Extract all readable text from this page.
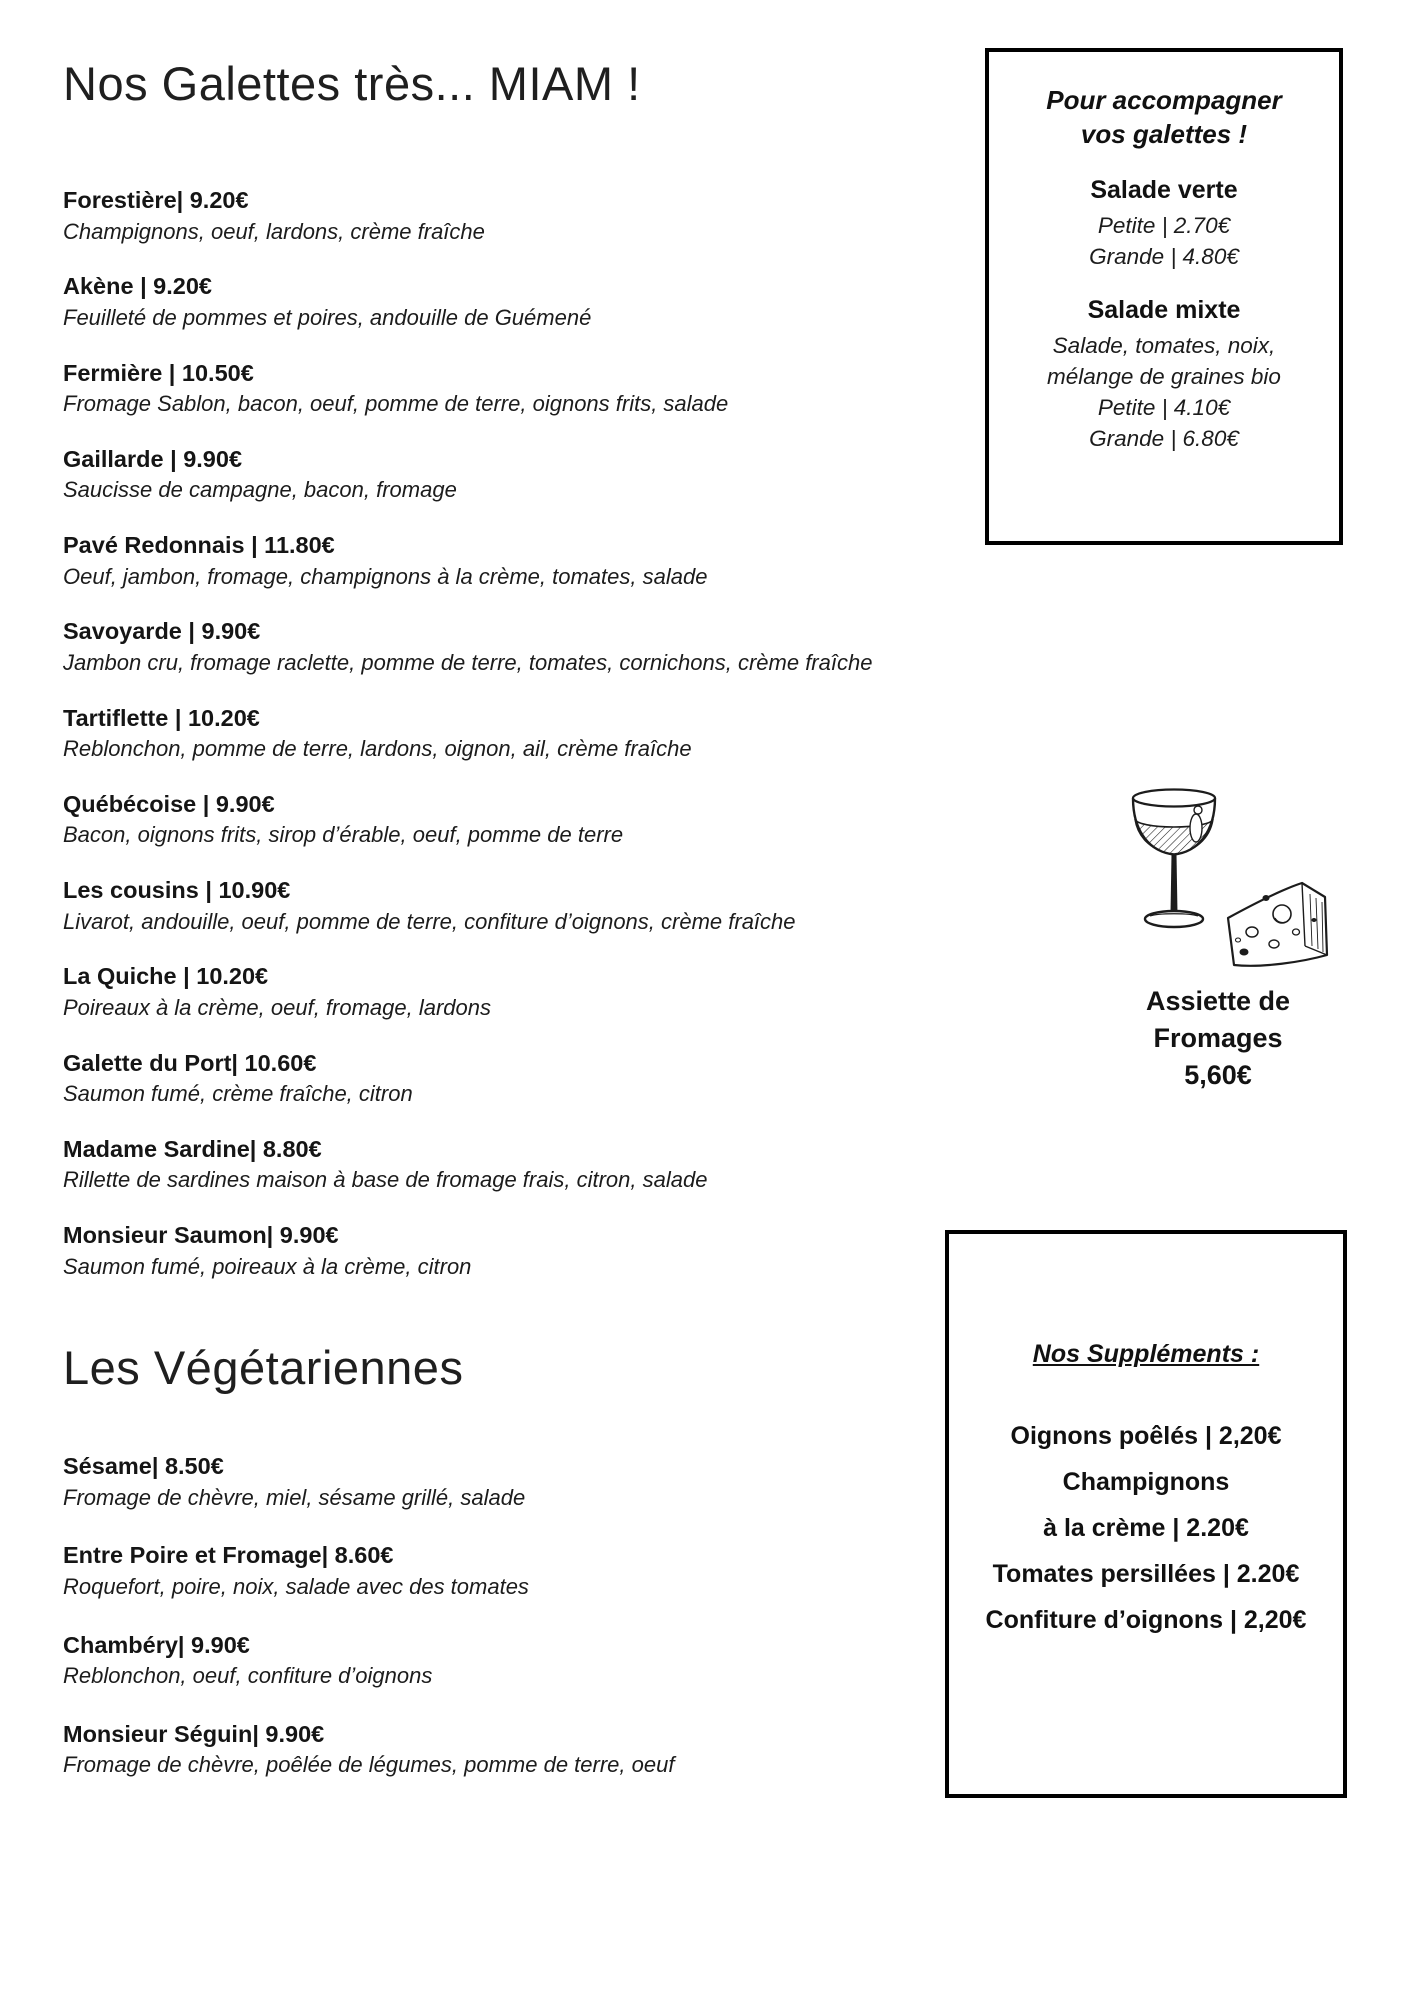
Nos Galettes très... MIAM !
Forestière| 9.20€
Champignons, oeuf, lardons, crème fraîche
Akène | 9.20€
Feuilleté de pommes et poires, andouille de Guémené
Fermière | 10.50€
Fromage Sablon, bacon, oeuf, pomme de terre, oignons frits, salade
Gaillarde | 9.90€
Saucisse de campagne, bacon, fromage
Pavé Redonnais | 11.80€
Oeuf, jambon, fromage, champignons à la crème, tomates, salade
Savoyarde | 9.90€
Jambon cru, fromage raclette, pomme de terre, tomates, cornichons, crème fraîche
Tartiflette | 10.20€
Reblonchon, pomme de terre, lardons, oignon, ail, crème fraîche
Québécoise | 9.90€
Bacon, oignons frits, sirop d’érable, oeuf, pomme de terre
Les cousins | 10.90€
Livarot, andouille, oeuf, pomme de terre, confiture d’oignons, crème fraîche
La Quiche | 10.20€
Poireaux à la crème, oeuf, fromage, lardons
Galette du Port| 10.60€
Saumon fumé, crème fraîche, citron
Madame Sardine| 8.80€
Rillette de sardines maison à base de fromage frais, citron, salade
Monsieur Saumon| 9.90€
Saumon fumé, poireaux à la crème, citron
Les Végétariennes
Sésame| 8.50€
Fromage de chèvre, miel, sésame grillé, salade
Entre Poire et Fromage| 8.60€
Roquefort, poire, noix, salade avec des tomates
Chambéry| 9.90€
Reblonchon, oeuf, confiture d’oignons
Monsieur Séguin| 9.90€
Fromage de chèvre, poêlée de légumes, pomme de terre, oeuf
Pour accompagner
vos galettes !
Salade verte
Petite | 2.70€
Grande | 4.80€
Salade mixte
Salade, tomates, noix,
mélange de graines bio
Petite | 4.10€
Grande | 6.80€
Assiette de
Fromages
5,60€
Nos Suppléments :
Oignons poêlés | 2,20€
Champignons
à la crème | 2.20€
Tomates persillées | 2.20€
Confiture d’oignons | 2,20€
